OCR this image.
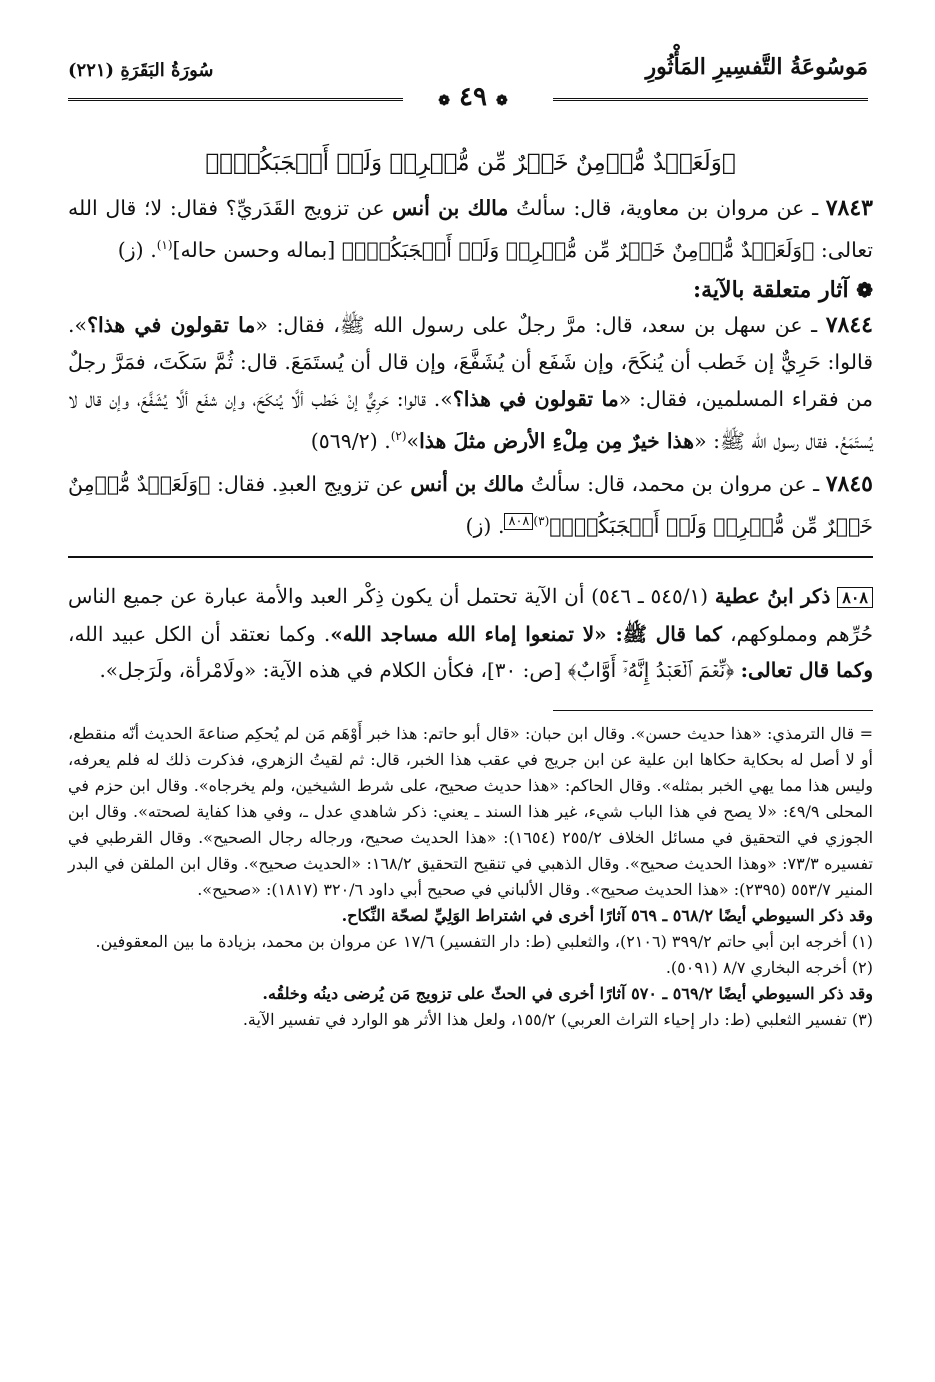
مَوسُوعَةُ التَّفسِيرِ المَأْثُورِ
سُورَةُ البَقَرَةِ (٢٢١)
❁ ٤٩ ❁
﴿وَلَعَبۡدٌ مُّؤۡمِنٌ خَيۡرٌ مِّن مُّشۡرِكٖ وَلَوۡ أَعۡجَبَكُمۡۗ﴾

٧٨٤٣ ـ عن مروان بن معاوية، قال: سألتُ مالك بن أنس عن تزويج القَدَريِّ؟ فقال: لا؛ قال الله تعالى: ﴿وَلَعَبۡدٌ مُّؤۡمِنٌ خَيۡرٌ مِّن مُّشۡرِكٖ وَلَوۡ أَعۡجَبَكُمۡۗ﴾ [بماله وحسن حاله]$^{(١)}$. (ز)

❁ آثار متعلقة بالآية:

٧٨٤٤ ـ عن سهل بن سعد، قال: مرَّ رجلٌ على رسول الله ﷺ، فقال: «ما تقولون في هذا؟». قالوا: حَرِيٌّ إن خَطب أن يُنكَحَ، وإن شَفَع أن يُشَفَّعَ، وإن قال أن يُستَمَعَ. قال: ثُمَّ سَكَتَ، فمَرَّ رجلٌ من فقراء المسلمين، فقال: «ما تقولون في هذا؟». قالوا: حَرِيٌّ إنْ خَطب ألَّا يُنكَحَ، وإن شفَع ألَّا يُشَفَّعَ، وإن قال لا يُستَمَعُ. فقال رسول الله ﷺ: «هذا خيرٌ مِن مِلْءِ الأرض مثلَ هذا»$^{(٢)}$. (٥٦٩/٢)

٧٨٤٥ ـ عن مروان بن محمد، قال: سألتُ مالك بن أنس عن تزويج العبدِ. فقال: ﴿وَلَعَبۡدٌ مُّؤۡمِنٌ خَيۡرٌ مِّن مُّشۡرِكٖ وَلَوۡ أَعۡجَبَكُمۡۗ﴾$^{(٣)٨٠٨}$. (ز)

٨٠٨ ذكر ابنُ عطية (٥٤٥/١ ـ ٥٤٦) أن الآية تحتمل أن يكون ذِكْر العبد والأمة عبارة عن جميع الناس حُرِّهم ومملوكهم، كما قال ﷺ: «لا تمنعوا إماء الله مساجد الله». وكما نعتقد أن الكل عبيد الله، وكما قال تعالى: ﴿نِّعۡمَ ٱلۡعَبۡدُ إِنَّهُۥٓ أَوَّابٌ﴾ [ص: ٣٠]، فكأن الكلام في هذه الآية: «ولَامْرأة، ولَرَجل».

= قال الترمذي: «هذا حديث حسن». وقال ابن حبان: «قال أبو حاتم: هذا خبر أَوْهَم مَن لم يُحكِم صناعةَ الحديث أنّه منقطع، أو لا أصل له بحكاية حكاها ابن علية عن ابن جريج في عقب هذا الخبر، قال: ثم لقيتُ الزهري، فذكرت ذلك له فلم يعرفه، وليس هذا مما يهي الخبر بمثله». وقال الحاكم: «هذا حديث صحيح، على شرط الشيخين، ولم يخرجاه». وقال ابن حزم في المحلى ٤٩/٩: «لا يصح في هذا الباب شيء، غير هذا السند ـ يعني: ذكر شاهدي عدل ـ، وفي هذا كفاية لصحته». وقال ابن الجوزي في التحقيق في مسائل الخلاف ٢٥٥/٢ (١٦٥٤): «هذا الحديث صحيح، ورجاله رجال الصحيح». وقال القرطبي في تفسيره ٧٣/٣: «وهذا الحديث صحيح». وقال الذهبي في تنقيح التحقيق ١٦٨/٢: «الحديث صحيح». وقال ابن الملقن في البدر المنير ٥٥٣/٧ (٢٣٩٥): «هذا الحديث صحيح». وقال الألباني في صحيح أبي داود ٣٢٠/٦ (١٨١٧): «صحيح».

وقد ذكر السيوطي أيضًا ٥٦٨/٢ ـ ٥٦٩ آثارًا أخرى في اشتراط الوَلِيِّ لصحّة النِّكاح.

(١) أخرجه ابن أبي حاتم ٣٩٩/٢ (٢١٠٦)، والثعلبي (ط: دار التفسير) ١٧/٦ عن مروان بن محمد، بزيادة ما بين المعقوفين.

(٢) أخرجه البخاري ٨/٧ (٥٠٩١).

وقد ذكر السيوطي أيضًا ٥٦٩/٢ ـ ٥٧٠ آثارًا أخرى في الحثّ على تزويج مَن يُرضى دينُه وخلقُه.

(٣) تفسير الثعلبي (ط: دار إحياء التراث العربي) ١٥٥/٢، ولعل هذا الأثر هو الوارد في تفسير الآية.
